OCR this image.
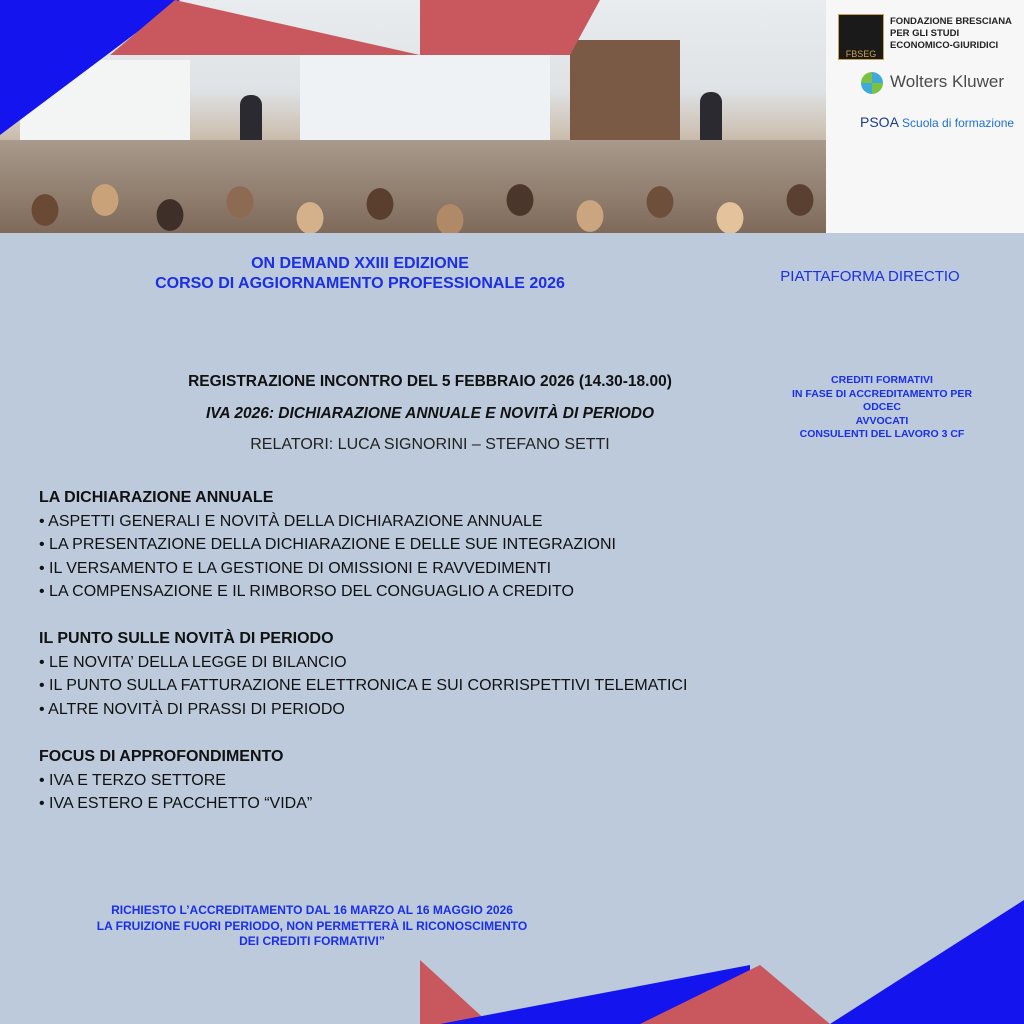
FBSEG
FONDAZIONE BRESCIANA PER GLI STUDI ECONOMICO-GIURIDICI
Wolters Kluwer
PSOA Scuola di formazione
ON DEMAND XXIII EDIZIONE
CORSO DI AGGIORNAMENTO PROFESSIONALE 2026	PIATTAFORMA DIRECTIO
REGISTRAZIONE INCONTRO DEL 5 FEBBRAIO 2026 (14.30-18.00)
IVA 2026: DICHIARAZIONE ANNUALE E NOVITÀ DI PERIODO
RELATORI: LUCA SIGNORINI – STEFANO SETTI
CREDITI FORMATIVI
IN FASE DI ACCREDITAMENTO PER
ODCEC
AVVOCATI
CONSULENTI DEL LAVORO 3 CF
LA DICHIARAZIONE ANNUALE
• ASPETTI GENERALI E NOVITÀ DELLA DICHIARAZIONE ANNUALE
• LA PRESENTAZIONE DELLA DICHIARAZIONE E DELLE SUE INTEGRAZIONI
• IL VERSAMENTO E LA GESTIONE DI OMISSIONI E RAVVEDIMENTI
• LA COMPENSAZIONE E IL RIMBORSO DEL CONGUAGLIO A CREDITO
IL PUNTO SULLE NOVITÀ DI PERIODO
• LE NOVITA’ DELLA LEGGE DI BILANCIO
• IL PUNTO SULLA FATTURAZIONE ELETTRONICA E SUI CORRISPETTIVI TELEMATICI
• ALTRE NOVITÀ DI PRASSI DI PERIODO
FOCUS DI APPROFONDIMENTO
• IVA E TERZO SETTORE
• IVA ESTERO E PACCHETTO “VIDA”
RICHIESTO L’ACCREDITAMENTO DAL 16 MARZO AL 16 MAGGIO 2026
LA FRUIZIONE FUORI PERIODO, NON PERMETTERÀ IL RICONOSCIMENTO
DEI CREDITI FORMATIVI”
